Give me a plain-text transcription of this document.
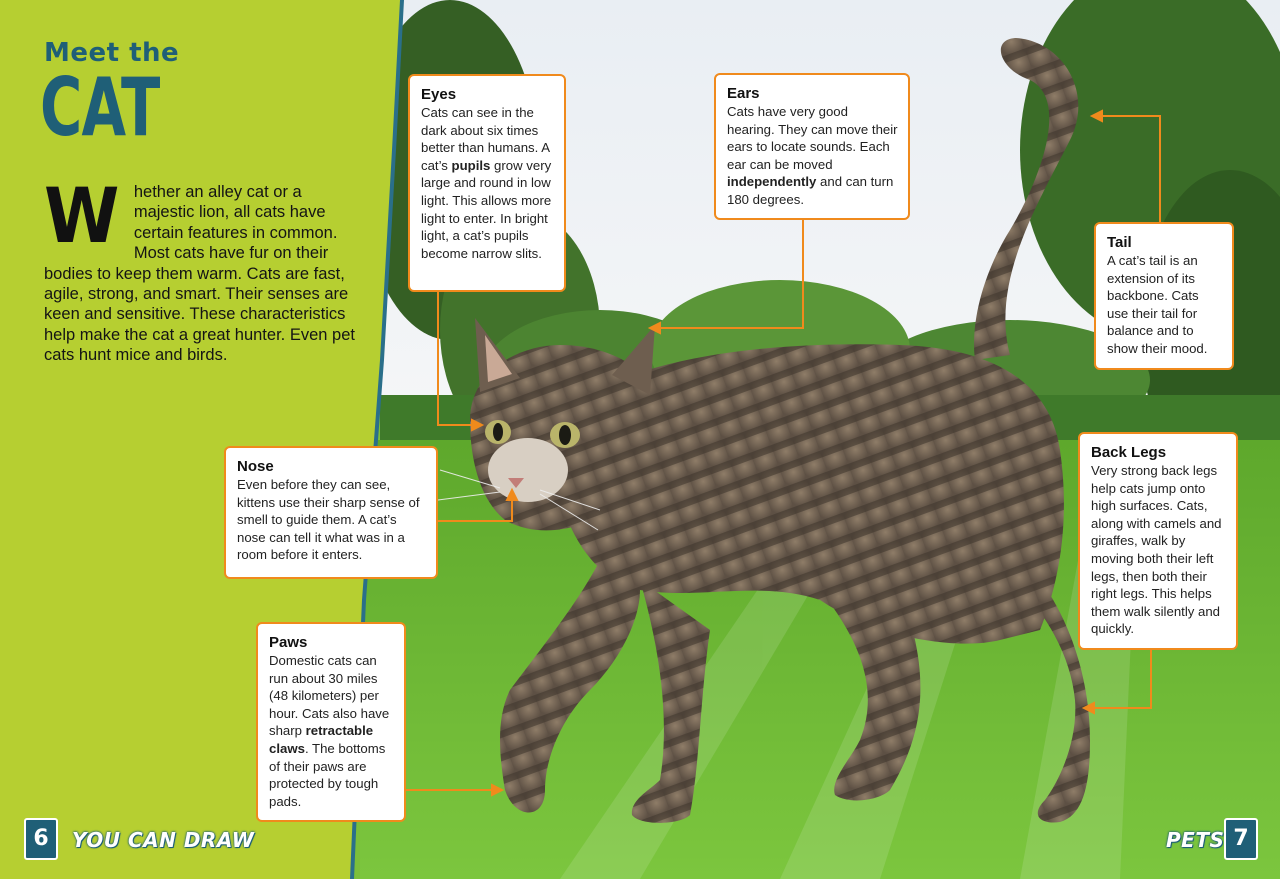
Meet the
CAT
W hether an alley cat or a majestic lion, all cats have certain features in common. Most cats have fur on their bodies to keep them warm. Cats are fast, agile, strong, and smart. Their senses are keen and sensitive. These characteristics help make the cat a great hunter. Even pet cats hunt mice and birds.
Eyes
Cats can see in the dark about six times better than humans. A cat’s pupils grow very large and round in low light. This allows more light to enter. In bright light, a cat’s pupils become narrow slits.
Ears
Cats have very good hearing. They can move their ears to locate sounds. Each ear can be moved independently and can turn 180 degrees.
Tail
A cat’s tail is an extension of its backbone. Cats use their tail for balance and to show their mood.
Nose
Even before they can see, kittens use their sharp sense of smell to guide them. A cat’s nose can tell it what was in a room before it enters.
Back Legs
Very strong back legs help cats jump onto high surfaces. Cats, along with camels and giraffes, walk by moving both their left legs, then both their right legs. This helps them walk silently and quickly.
Paws
Domestic cats can run about 30 miles (48 kilometers) per hour. Cats also have sharp retractable claws. The bottoms of their paws are protected by tough pads.
6	YOU CAN DRAW	PETS 7
